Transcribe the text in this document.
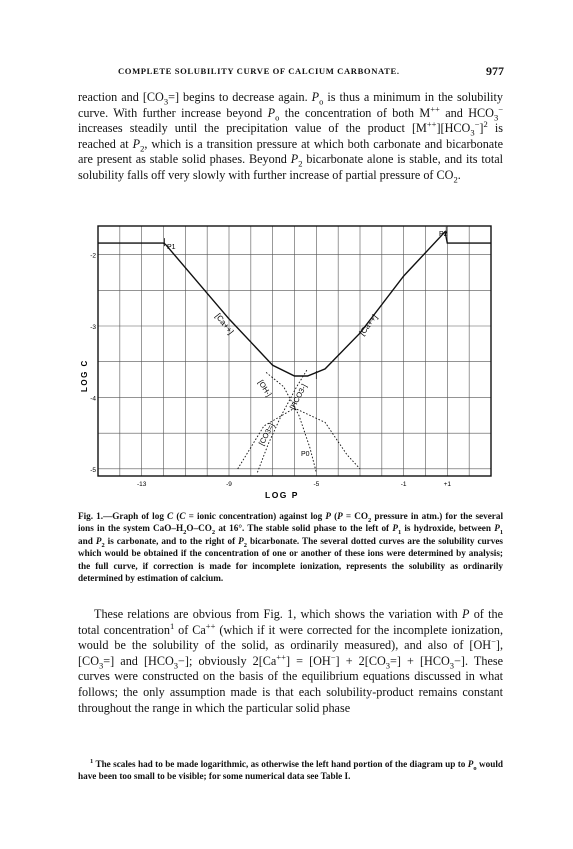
COMPLETE SOLUBILITY CURVE OF CALCIUM CARBONATE.	977

reaction and $[CO_3=]$ begins to decrease again. $P_o$ is thus a minimum in the solubility curve. With further increase beyond $P_o$ the concentration of both M++ and $HCO_3^-$ increases steadily until the precipitation value of the product $[M^{++}][HCO_3^-]^2$ is reached at $P_2$, which is a transition pressure at which both carbonate and bicarbonate are present as stable solid phases. Beyond $P_2$ bicarbonate alone is stable, and its total solubility falls off very slowly with further increase of partial pressure of $CO_2$.

-13	-9	-5	-1	+1
-2
-3
-4
-5
[Ca++]	[Ca++]
[OH-] [HCO3-]
[CO3=]
P1
P2
P0
LOG P
LOG C

Fig. 1.—Graph of log C (C = ionic concentration) against log P ($P = CO_2$ pressure in atm.) for the several ions in the system CaO–$H_2O-CO_2$ at 16°. The stable solid phase to the left of $P_1$ is hydroxide, between $P_1$ and $P_2$ is carbonate, and to the right of $P_2$ bicarbonate. The several dotted curves are the solubility curves which would be obtained if the concentration of one or another of these ions were determined by analysis; the full curve, if correction is made for incomplete ionization, represents the solubility as ordinarily determined by estimation of calcium.

These relations are obvious from Fig. 1, which shows the variation with P of the total concentration$^1$ of Ca++ (which if it were corrected for the incomplete ionization, would be the solubility of the solid, as ordinarily measured), and also of [OH−], $[CO_3=]$ and $[HCO_3-]$; obviously $2[Ca^{++}] = [OH^-] + 2[CO_3=] + [HCO_3-]$. These curves were constructed on the basis of the equilibrium equations discussed in what follows; the only assumption made is that each solubility-product remains constant throughout the range in which the particular solid phase

$^1$ The scales had to be made logarithmic, as otherwise the left hand portion of the diagram up to $P_o$ would have been too small to be visible; for some numerical data see Table I.
